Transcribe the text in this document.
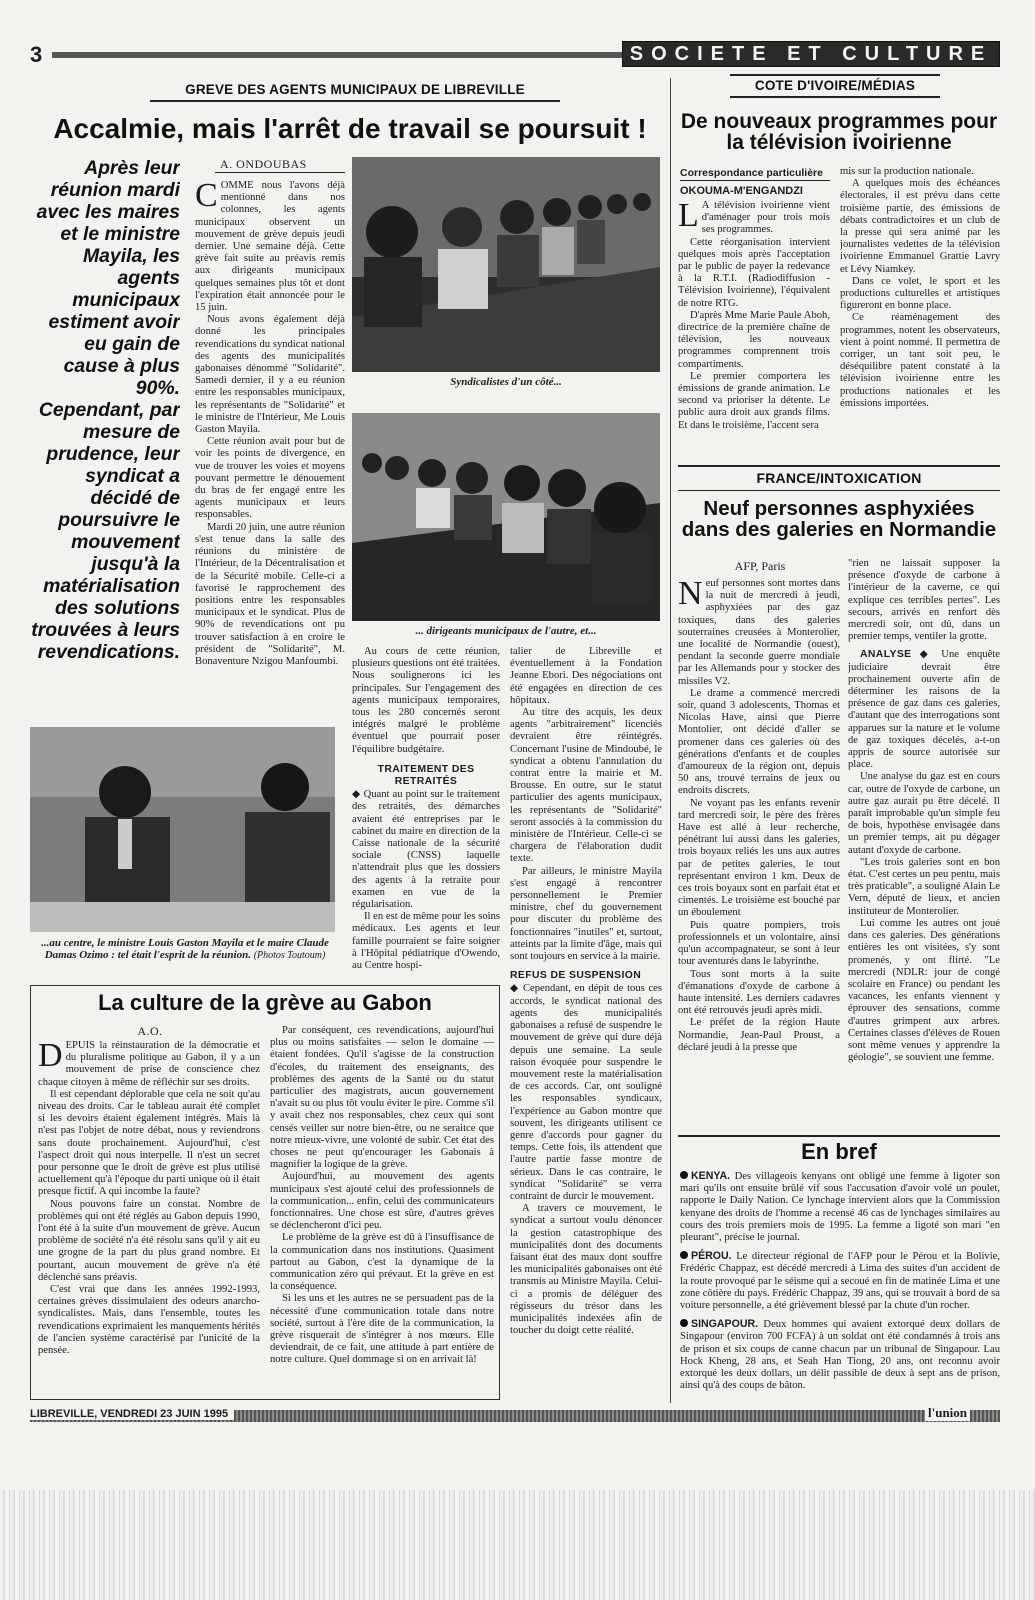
3	SOCIETE ET CULTURE
GREVE DES AGENTS MUNICIPAUX DE LIBREVILLE
Accalmie, mais l'arrêt de travail se poursuit !
Après leur réunion mardi avec les maires et le ministre Mayila, les agents municipaux estiment avoir eu gain de cause à plus 90%. Cependant, par mesure de prudence, leur syndicat a décidé de poursuivre le mouvement jusqu'à la matérialisation des solutions trouvées à leurs revendications.
A. ONDOUBAS
C OMME nous l'avons déjà mentionné dans nos colonnes, les agents municipaux observent un mouvement de grève depuis jeudi dernier. Une semaine déjà. Cette grève fait suite au préavis remis aux dirigeants municipaux quelques semaines plus tôt et dont l'expiration était annoncée pour le 15 juin.

Nous avons également déjà donné les principales revendications du syndicat national des agents des municipalités gabonaises dénommé "Solidarité". Samedi dernier, il y a eu réunion entre les responsables municipaux, les représentants de "Solidarité" et le ministre de l'Intérieur, Me Louis Gaston Mayila.

Cette réunion avait pour but de voir les points de divergence, en vue de trouver les voies et moyens pouvant permettre le dénouement du bras de fer engagé entre les agents municipaux et leurs responsables.

Mardi 20 juin, une autre réunion s'est tenue dans la salle des réunions du ministère de l'Intérieur, de la Décentralisation et de la Sécurité mobile. Celle-ci a favorisé le rapprochement des positions entre les responsables municipaux et le syndicat. Plus de 90% de revendications ont pu trouver satisfaction à en croire le président de "Solidarité", M. Bonaventure Nzigou Manfoumbi.

Syndicalistes d'un côté...
... dirigeants municipaux de l'autre, et...
...au centre, le ministre Louis Gaston Mayila et le maire Claude Damas Ozimo : tel était l'esprit de la réunion. (Photos Toutoum)

Au cours de cette réunion, plusieurs questions ont été traitées. Nous soulignerons ici les principales. Sur l'engagement des agents municipaux temporaires, tous les 280 concernés seront intégrés malgré le problème éventuel que pourrait poser l'équilibre budgétaire.

TRAITEMENT DES RETRAITÉS

◆ Quant au point sur le traitement des retraités, des démarches avaient été entreprises par le cabinet du maire en direction de la Caisse nationale de la sécurité sociale (CNSS) laquelle n'attendrait plus que les dossiers des agents à la retraite pour examen en vue de la régularisation.

Il en est de même pour les soins médicaux. Les agents et leur famille pourraient se faire soigner à l'Hôpital pédiatrique d'Owendo, au Centre hospi-

talier de Libreville et éventuellement à la Fondation Jeanne Ebori. Des négociations ont été engagées en direction de ces hôpitaux.

Au titre des acquis, les deux agents "arbitrairement" licenciés devraient être réintégrés. Concernant l'usine de Mindoubé, le syndicat a obtenu l'annulation du contrat entre la mairie et M. Brousse. En outre, sur le statut particulier des agents municipaux, les représentants de "Solidarité" seront associés à la commission du ministère de l'Intérieur. Celle-ci se chargera de l'élaboration dudit texte.

Par ailleurs, le ministre Mayila s'est engagé à rencontrer personnellement le Premier ministre, chef du gouvernement pour discuter du problème des fonctionnaires "inutiles" et, surtout, atteints par la limite d'âge, mais qui sont toujours en service à la mairie.

REFUS DE SUSPENSION

◆ Cependant, en dépit de tous ces accords, le syndicat national des agents des municipalités gabonaises a refusé de suspendre le mouvement de grève qui dure déjà depuis une semaine. La seule raison évoquée pour suspendre le mouvement reste la matérialisation de ces accords. Car, ont souligné les responsables syndicaux, l'expérience au Gabon montre que souvent, les dirigeants utilisent ce genre d'accords pour gagner du temps. Cette fois, ils attendent que l'autre partie fasse montre de sérieux. Dans le cas contraire, le syndicat "Solidarité" se verra contraint de durcir le mouvement.

A travers ce mouvement, le syndicat a surtout voulu dénoncer la gestion catastrophique des municipalités dont des documents faisant état des maux dont souffre les municipalités gabonaises ont été transmis au Ministre Mayila. Celui-ci a promis de déléguer des régisseurs du trésor dans les municipalités indexées afin de toucher du doigt cette réalité.

La culture de la grève au Gabon
A.O.
D EPUIS la réinstauration de la démocratie et du pluralisme politique au Gabon, il y a un mouvement de prise de conscience chez chaque citoyen à même de réfléchir sur ses droits.

Il est cependant déplorable que cela ne soit qu'au niveau des droits. Car le tableau aurait été complet si les devoirs étaient également intégrés. Mais là n'est pas l'objet de notre débat, nous y reviendrons sans doute prochainement. Aujourd'hui, c'est l'aspect droit qui nous interpelle. Il n'est un secret pour personne que le droit de grève est plus utilisé actuellement qu'à l'époque du parti unique où il était presque fictif. A qui incombe la faute?

Nous pouvons faire un constat. Nombre de problèmes qui ont été réglés au Gabon depuis 1990, l'ont été à la suite d'un mouvement de grève. Aucun problème de société n'a été résolu sans qu'il y ait eu une grogne de la part du plus grand nombre. Et pourtant, aucun mouvement de grève n'a été déclenché sans préavis.

C'est vrai que dans les années 1992-1993, certaines grèves dissimulaient des odeurs anarcho-syndicalistes. Mais, dans l'ensemble, toutes les revendications exprimaient les manquements hérités de l'ancien système caractérisé par l'unicité de la pensée.

Par conséquent, ces revendications, aujourd'hui plus ou moins satisfaites — selon le domaine — étaient fondées. Qu'il s'agisse de la construction d'écoles, du traitement des enseignants, des problèmes des agents de la Santé ou du statut particulier des magistrats, aucun gouvernement n'avait su ou plus tôt voulu éviter le pire. Comme s'il y avait chez nos responsables, chez ceux qui sont censés veiller sur notre bien-être, ou ne seraitce que notre mieux-vivre, une volonté de subir. Cet état des choses ne peut qu'encourager les Gabonais à magnifier la logique de la grève.

Aujourd'hui, au mouvement des agents municipaux s'est ajouté celui des professionnels de la communication... enfin, celui des communicateurs fonctionnaires. Une chose est sûre, d'autres grèves se déclencheront d'ici peu.

Le problème de la grève est dû à l'insuffisance de la communication dans nos institutions. Quasiment partout au Gabon, c'est la dynamique de la communication zéro qui prévaut. Et la grève en est la conséquence.

Si les uns et les autres ne se persuadent pas de la nécessité d'une communication totale dans notre société, surtout à l'ère dite de la communication, la grève risquerait de s'intégrer à nos mœurs. Elle deviendrait, de ce fait, une attitude à part entière de notre culture. Quel dommage si on en arrivait là!

COTE D'IVOIRE/MÉDIAS
De nouveaux programmes pour la télévision ivoirienne
Correspondance particulière
OKOUMA-M'ENGANDZI
L A télévision ivoirienne vient d'aménager pour trois mois ses programmes.

Cette réorganisation intervient quelques mois après l'acceptation par le public de payer la redevance à la R.T.I. (Radiodiffusion - Télévision Ivoirienne), l'équivalent de notre RTG.

D'après Mme Marie Paule Aboh, directrice de la première chaîne de télévision, les nouveaux programmes comprennent trois compartiments.

Le premier comportera les émissions de grande animation. Le second va prioriser la détente. Le public aura droit aux grands films. Et dans le troisième, l'accent sera

mis sur la production nationale.

A quelques mois des échéances électorales, il est prévu dans cette troisième partie, des émissions de débats contradictoires et un club de la presse qui sera animé par les journalistes vedettes de la télévision ivoirienne Emmanuel Grattie Lavry et Lévy Niamkey.

Dans ce volet, le sport et les productions culturelles et artistiques figureront en bonne place.

Ce réaménagement des programmes, notent les observateurs, vient à point nommé. Il permettra de corriger, un tant soit peu, le déséquilibre patent constaté à la télévision ivoirienne entre les productions nationales et les émissions importées.

FRANCE/INTOXICATION
Neuf personnes asphyxiées dans des galeries en Normandie
AFP, Paris
N euf personnes sont mortes dans la nuit de mercredi à jeudi, asphyxiées par des gaz toxiques, dans des galeries souterraines creusées à Monterolier, une localité de Normandie (ouest), pendant la seconde guerre mondiale par les Allemands pour y stocker des missiles V2.

Le drame a commencé mercredi soir, quand 3 adolescents, Thomas et Nicolas Have, ainsi que Pierre Montolier, ont décidé d'aller se promener dans ces galeries où des générations d'enfants et de couples d'amoureux de la région ont, depuis 50 ans, trouvé terrains de jeux ou endroits discrets.

Ne voyant pas les enfants revenir tard mercredi soir, le père des frères Have est allé à leur recherche, pénétrant lui aussi dans les galeries, trois boyaux reliés les uns aux autres par de petites galeries, le tout représentant environ 1 km. Deux de ces trois boyaux sont en parfait état et cimentés. Le troisième est bouché par un éboulement

Puis quatre pompiers, trois professionnels et un volontaire, ainsi qu'un accompagnateur, se sont à leur tour aventurés dans le labyrinthe.

Tous sont morts à la suite d'émanations d'oxyde de carbone à haute intensité. Les derniers cadavres ont été retrouvés jeudi après midi.

Le préfet de la région Haute Normandie, Jean-Paul Proust, a déclaré jeudi à la presse que

"rien ne laissait supposer la présence d'oxyde de carbone à l'intérieur de la caverne, ce qui explique ces terribles pertes". Les secours, arrivés en renfort dès mercredi soir, ont dû, dans un premier temps, ventiler la grotte.

ANALYSE ◆ Une enquête judiciaire devrait être prochainement ouverte afin de déterminer les raisons de la présence de gaz dans ces galeries, d'autant que des interrogations sont apparues sur la nature et le volume de gaz toxiques décelés, a-t-on appris de source autorisée sur place.

Une analyse du gaz est en cours car, outre de l'oxyde de carbone, un autre gaz aurait pu être décelé. Il paraît improbable qu'un simple feu de bois, hypothèse envisagée dans un premier temps, ait pu dégager autant d'oxyde de carbone.

"Les trois galeries sont en bon état. C'est certes un peu pentu, mais très praticable", a souligné Alain Le Vern, député de lieux, et ancien instituteur de Monterolier.

Lui comme les autres ont joué dans ces galeries. Des générations entières les ont visitées, s'y sont promenés, y ont flirté. "Le mercredi (NDLR: jour de congé scolaire en France) ou pendant les vacances, les enfants viennent y éprouver des sensations, comme d'autres grimpent aux arbres. Certaines classes d'élèves de Rouen sont même venues y apprendre la géologie", se souvient une femme.

En bref

KENYA. Des villageois kenyans ont obligé une femme à ligoter son mari qu'ils ont ensuite brûlé vif sous l'accusation d'avoir volé un poulet, rapporte le Daily Nation. Ce lynchage intervient alors que la Commission kenyane des droits de l'homme a recensé 46 cas de lynchages similaires au cours des trois premiers mois de 1995. La femme a ligoté son mari "en pleurant", précise le journal.

PÉROU. Le directeur régional de l'AFP pour le Pérou et la Bolivie, Frédéric Chappaz, est décédé mercredi à Lima des suites d'un accident de la route provoqué par le séisme qui a secoué en fin de matinée Lima et une zone côtière du pays. Frédéric Chappaz, 39 ans, qui se trouvait à bord de sa voiture personnelle, a été grièvement blessé par la chute d'un rocher.

SINGAPOUR. Deux hommes qui avaient extorqué deux dollars de Singapour (environ 700 FCFA) à un soldat ont été condamnés à trois ans de prison et six coups de canne chacun par un tribunal de Singapour. Lau Hock Kheng, 28 ans, et Seah Han Tiong, 20 ans, ont reconnu avoir extorqué les deux dollars, un délit passible de deux à sept ans de prison, ainsi qu'à des coups de bâton.

LIBREVILLE, VENDREDI 23 JUIN 1995	l'union
